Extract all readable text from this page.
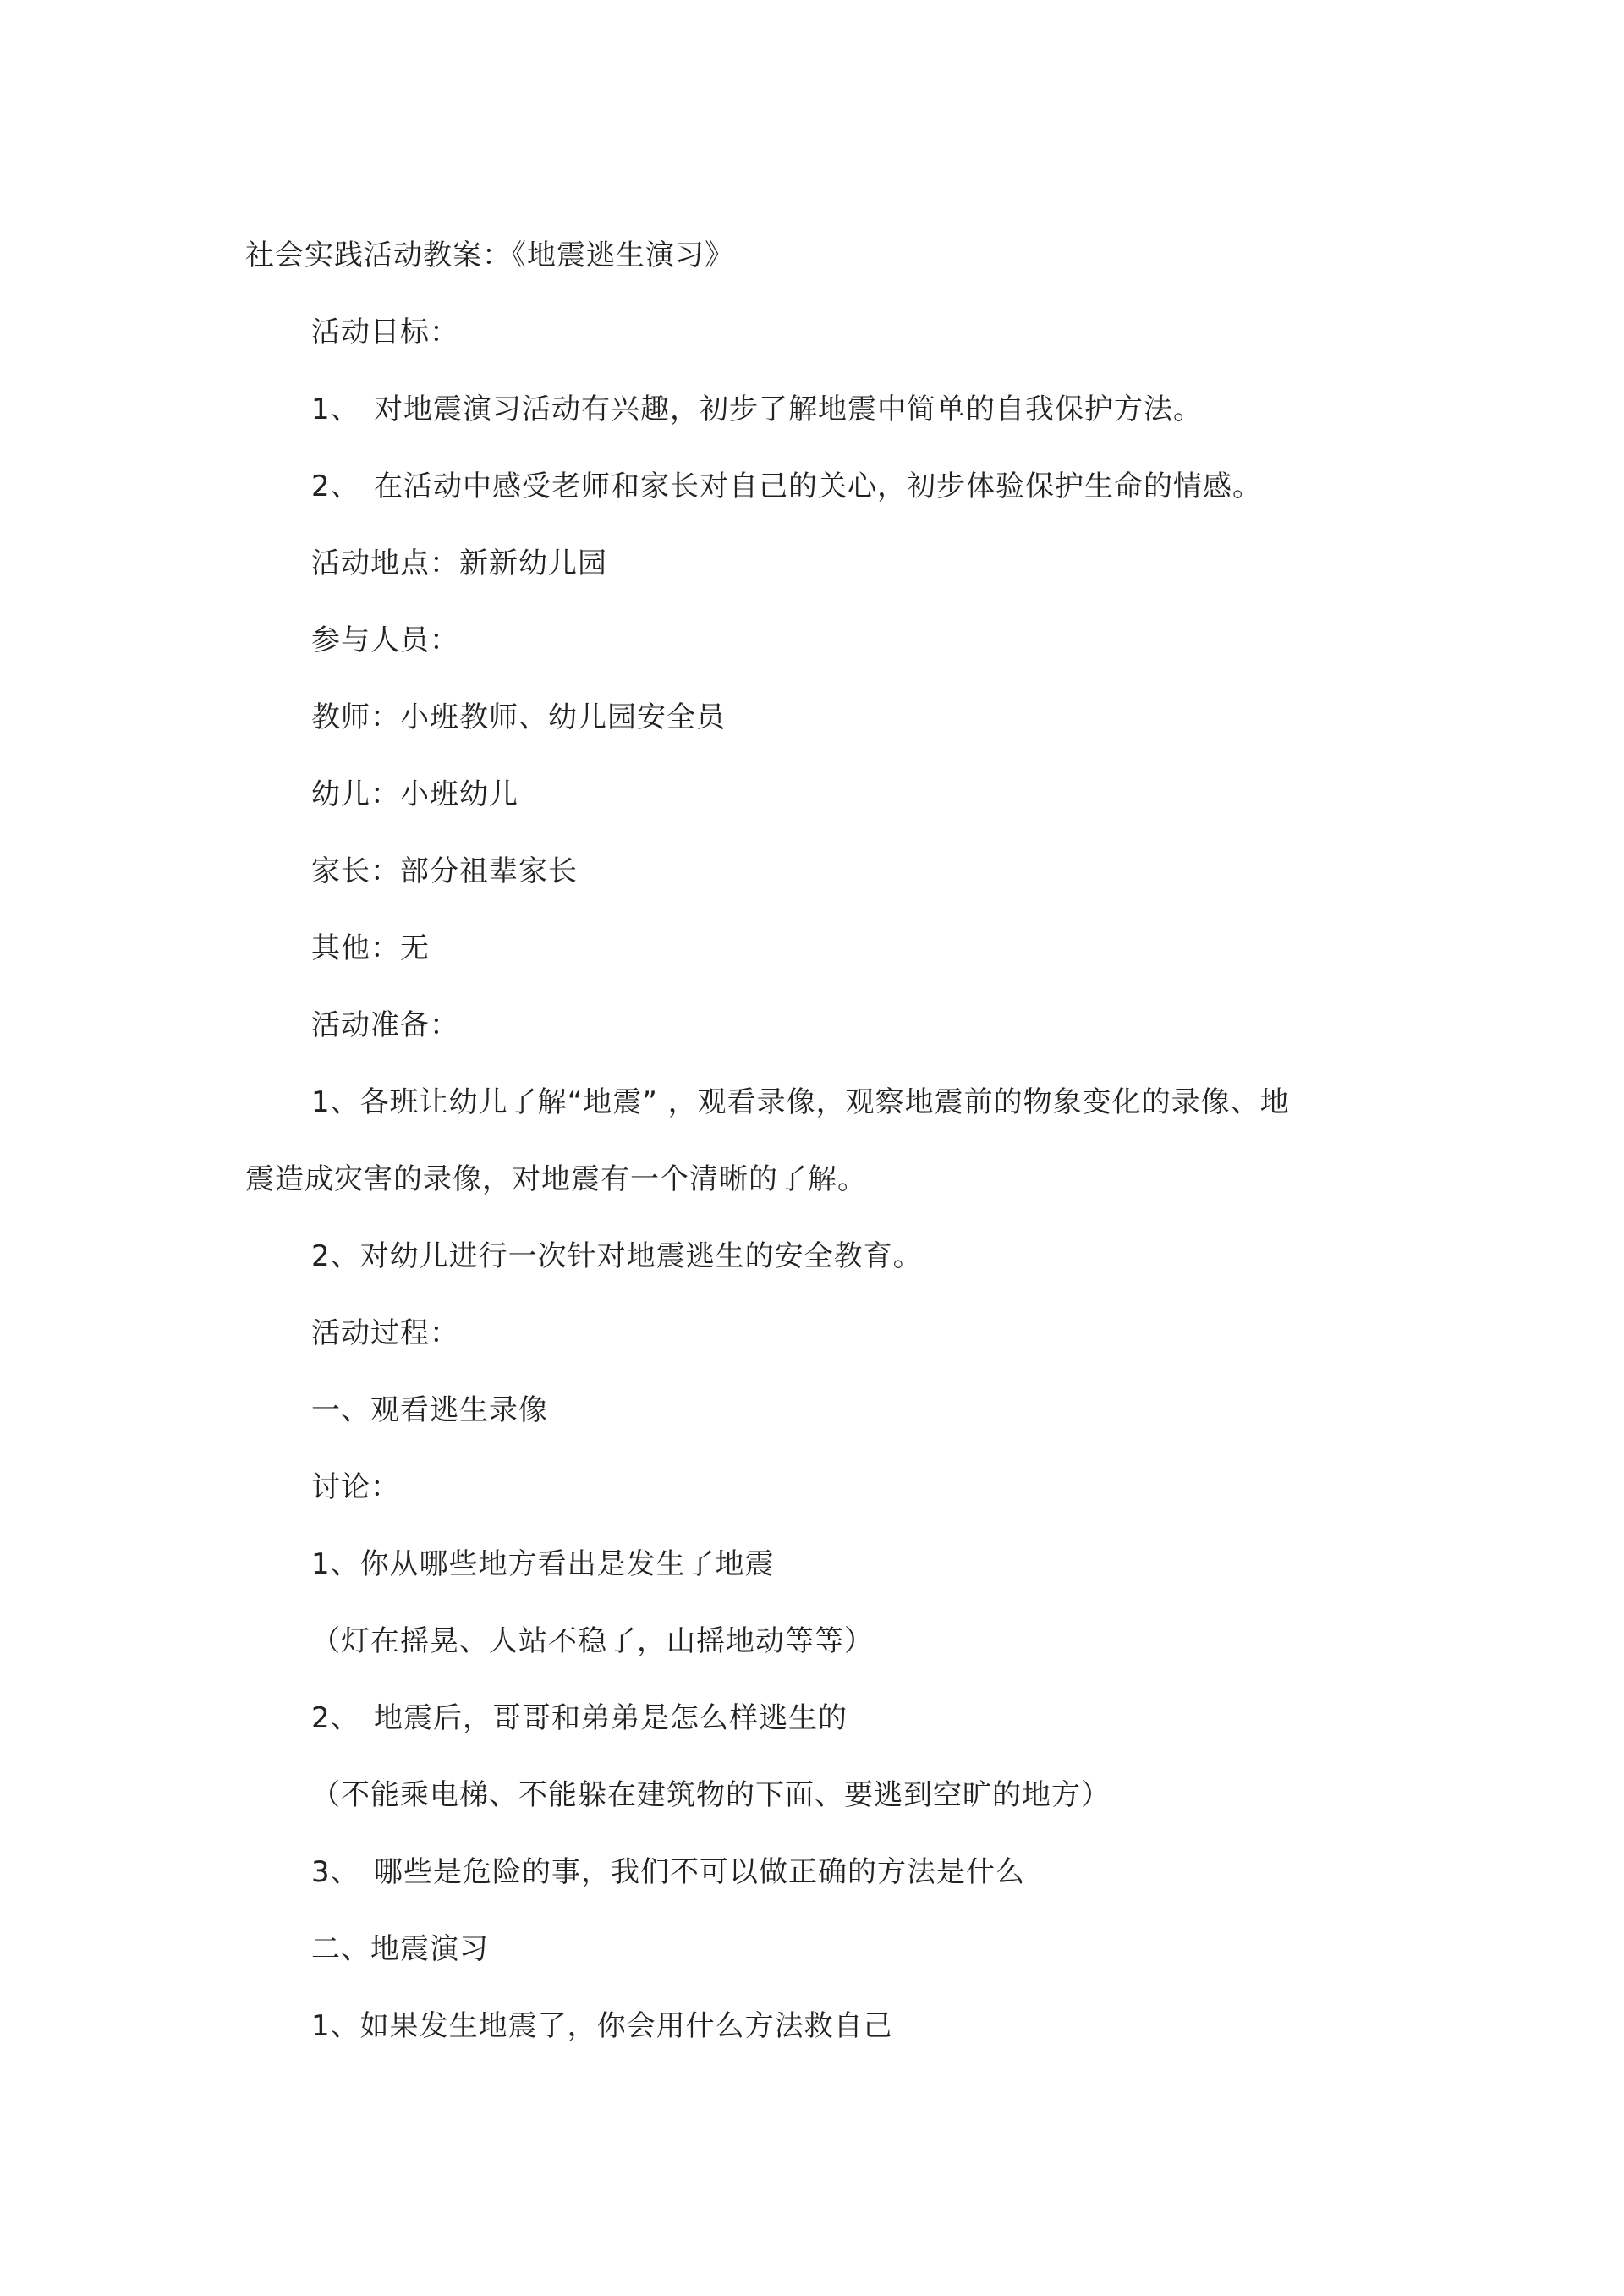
社会实践活动教案：《地震逃生演习》
活动目标：
1、 对地震演习活动有兴趣，初步了解地震中简单的自我保护方法。
2、 在活动中感受老师和家长对自己的关心，初步体验保护生命的情感。
活动地点：新新幼儿园
参与人员：
教师：小班教师、幼儿园安全员
幼儿：小班幼儿
家长：部分祖辈家长
其他：无
活动准备：
1、各班让幼儿了解“地震” ，观看录像，观察地震前的物象变化的录像、地
震造成灾害的录像，对地震有一个清晰的了解。
2、对幼儿进行一次针对地震逃生的安全教育。
活动过程：
一、观看逃生录像
讨论：
1、你从哪些地方看出是发生了地震
（灯在摇晃、人站不稳了，山摇地动等等）
2、 地震后，哥哥和弟弟是怎么样逃生的
（不能乘电梯、不能躲在建筑物的下面、要逃到空旷的地方）
3、 哪些是危险的事，我们不可以做正确的方法是什么
二、地震演习
1、如果发生地震了，你会用什么方法救自己
